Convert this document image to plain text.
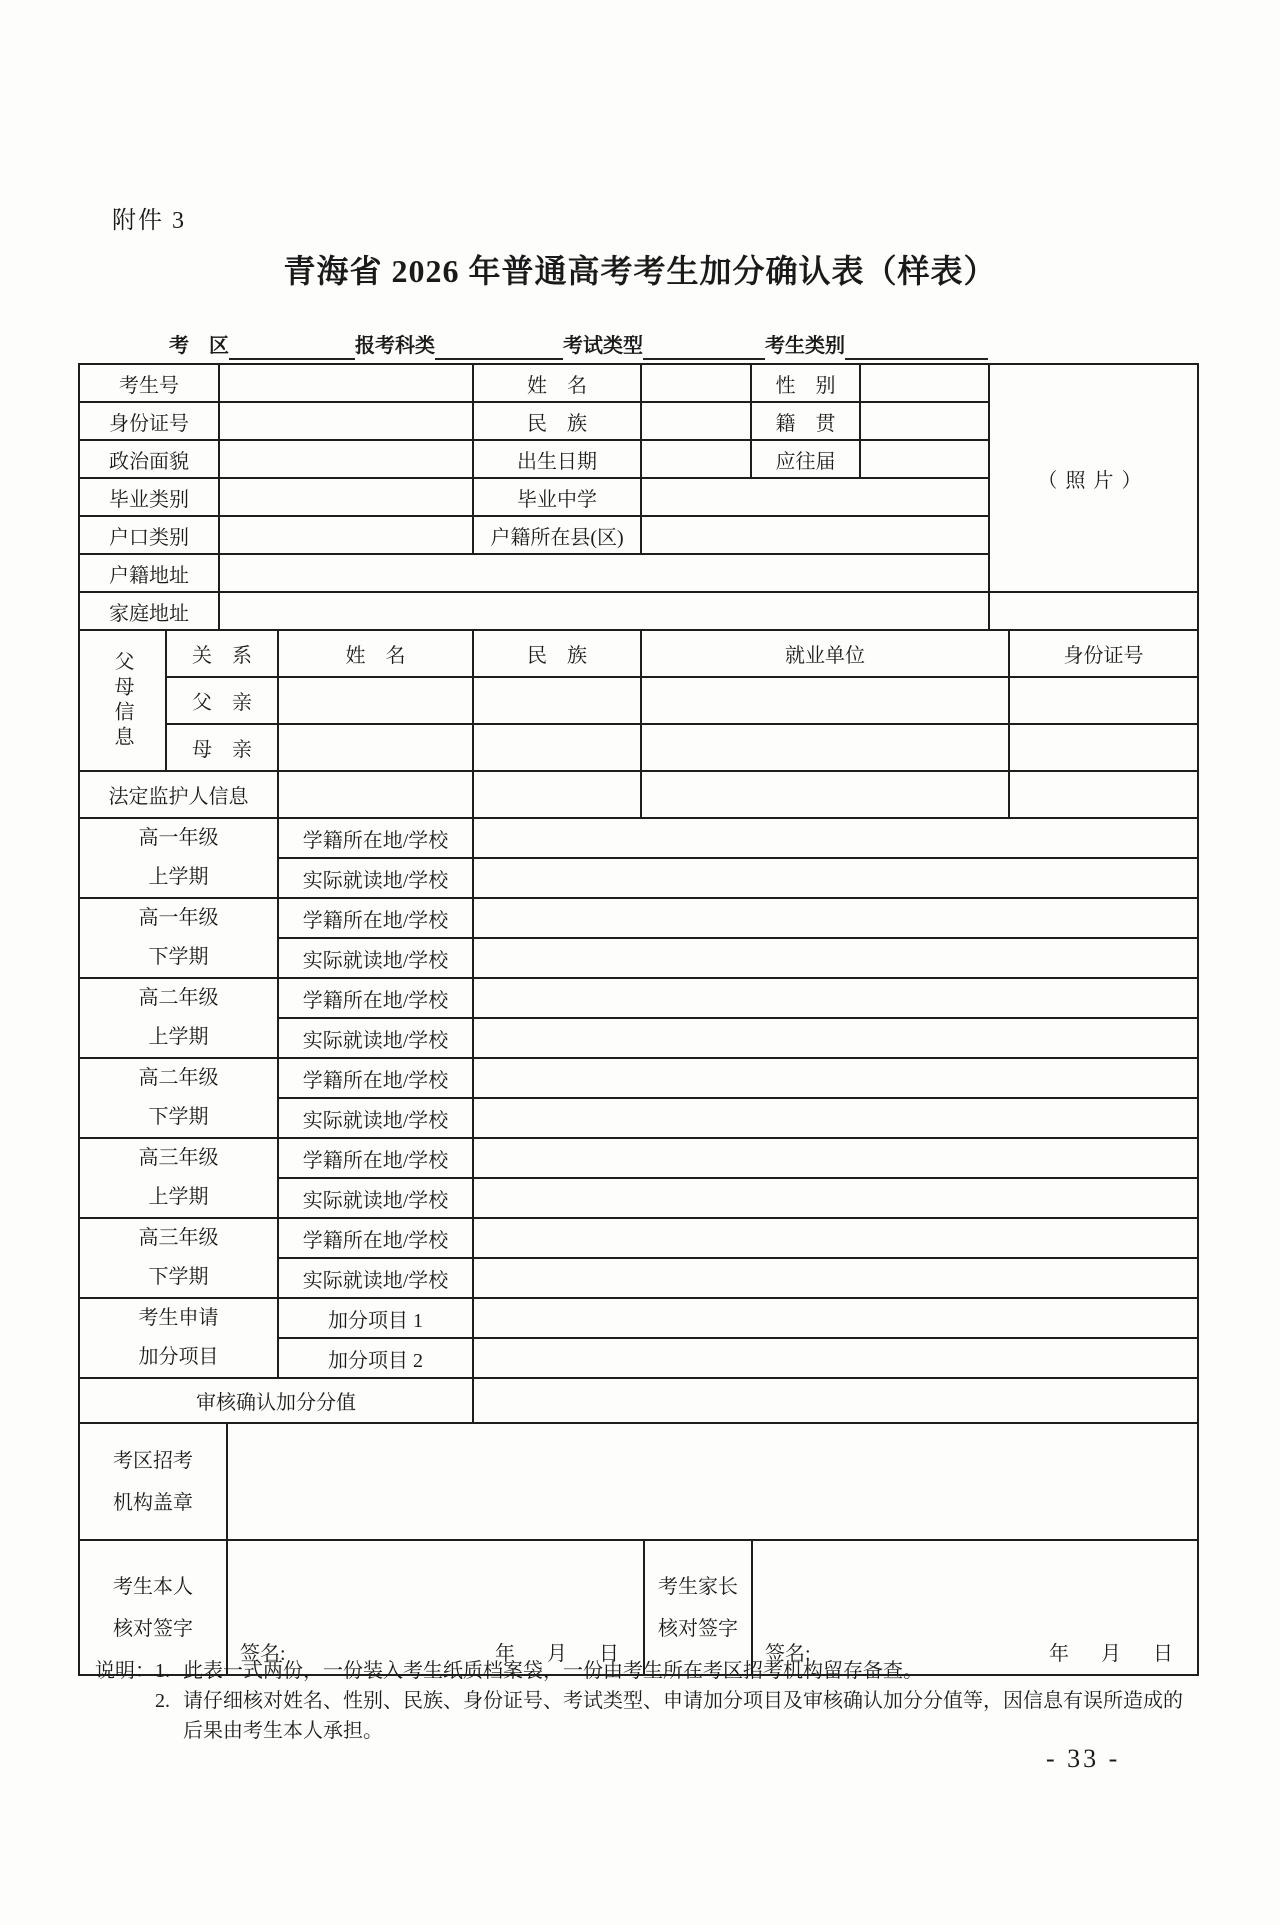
附件 3
青海省 2026 年普通高考考生加分确认表（样表）
考　区	报考科类	考试类型	考生类别
考生号		姓　名		性　别		（照片）
身份证号		民　族		籍　贯		
政治面貌		出生日期		应往届		
毕业类别		毕业中学				
户口类别		户籍所在县(区)				
户籍地址						
家庭地址						
父母信息	关　系	姓　名	民　族	就业单位	身份证号
	父　亲				
	母　亲				
法定监护人信息					
高一年级
上学期	学籍所在地/学校	
	实际就读地/学校	

高一年级
下学期	学籍所在地/学校	
	实际就读地/学校	

高二年级
上学期	学籍所在地/学校	
	实际就读地/学校	

高二年级
下学期	学籍所在地/学校	
	实际就读地/学校	

高三年级
上学期	学籍所在地/学校	
	实际就读地/学校	

高三年级
下学期	学籍所在地/学校	
	实际就读地/学校	
考生申请
加分项目	加分项目 1	
	加分项目 2	
审核确认加分分值	
考区招考
机构盖章

考生本人
核对签字

签名:	年　月　日

考生家长
核对签字

签名:	年　月　日
说明： 1. 此表一式两份，一份装入考生纸质档案袋，一份由考生所在考区招考机构留存备查。
2. 请仔细核对姓名、性别、民族、身份证号、考试类型、申请加分项目及审核确认加分分值等，因信息有误所造成的后果由考生本人承担。
- 33 -
